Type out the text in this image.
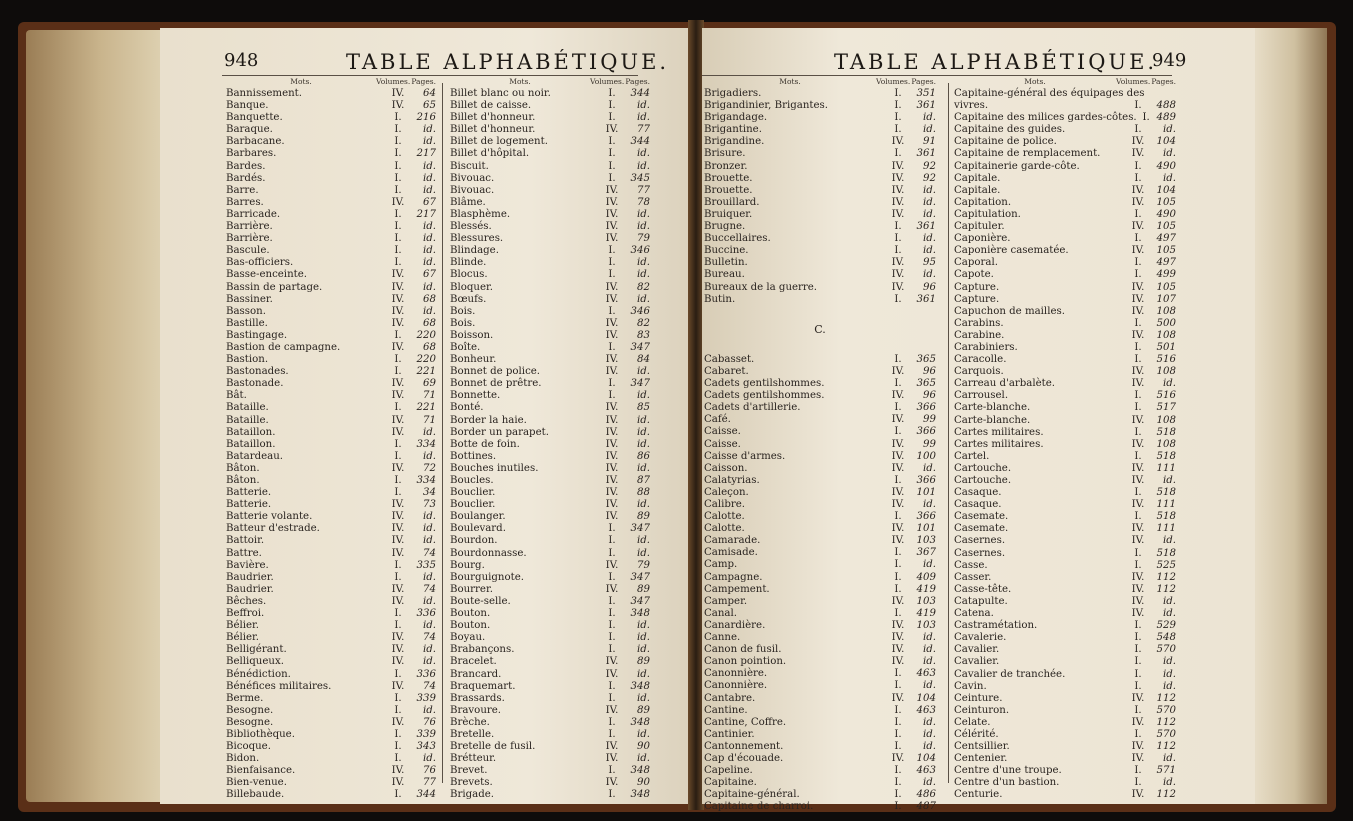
948	TABLE ALPHABÉTIQUE.
Mots.	Volumes. Pages.
Bannissement.	IV.	64
Banque.	IV.	65
Banquette.	I.	216
Baraque.	I.	id.
Barbacane.	I.	id.
Barbares.	I.	217
Bardes.	I.	id.
Bardés.	I.	id.
Barre.	I.	id.
Barres.	IV.	67
Barricade.	I.	217
Barrière.	I.	id.
Barrière.	I.	id.
Bascule.	I.	id.
Bas-officiers.	I.	id.
Basse-enceinte.	IV.	67
Bassin de partage.	IV.	id.
Bassiner.	IV.	68
Basson.	IV.	id.
Bastille.	IV.	68
Bastingage.	I.	220
Bastion de campagne.	IV.	68
Bastion.	I.	220
Bastonades.	I.	221
Bastonade.	IV.	69
Bât.	IV.	71
Bataille.	I.	221
Bataille.	IV.	71
Bataillon.	IV.	id.
Bataillon.	I.	334
Batardeau.	I.	id.
Bâton.	IV.	72
Bâton.	I.	334
Batterie.	I.	34
Batterie.	IV.	73
Batterie volante.	IV.	id.
Batteur d'estrade.	IV.	id.
Battoir.	IV.	id.
Battre.	IV.	74
Bavière.	I.	335
Baudrier.	I.	id.
Baudrier.	IV.	74
Bêches.	IV.	id.
Beffroi.	I.	336
Bélier.	I.	id.
Bélier.	IV.	74
Belligérant.	IV.	id.
Belliqueux.	IV.	id.
Bénédiction.	I.	336
Bénéfices militaires.	IV.	74
Berme.	I.	339
Besogne.	I.	id.
Besogne.	IV.	76
Bibliothèque.	I.	339
Bicoque.	I.	343
Bidon.	I.	id.
Bienfaisance.	IV.	76
Bien-venue.	IV.	77
Billebaude.	I.	344
Mots.	Volumes. Pages.
Billet blanc ou noir.	I.	344
Billet de caisse.	I.	id.
Billet d'honneur.	I.	id.
Billet d'honneur.	IV.	77
Billet de logement.	I.	344
Billet d'hôpital.	I.	id.
Biscuit.	I.	id.
Bivouac.	I.	345
Bivouac.	IV.	77
Blâme.	IV.	78
Blasphème.	IV.	id.
Blessés.	IV.	id.
Blessures.	IV.	79
Blindage.	I.	346
Blinde.	I.	id.
Blocus.	I.	id.
Bloquer.	IV.	82
Bœufs.	IV.	id.
Bois.	I.	346
Bois.	IV.	82
Boisson.	IV.	83
Boîte.	I.	347
Bonheur.	IV.	84
Bonnet de police.	IV.	id.
Bonnet de prêtre.	I.	347
Bonnette.	I.	id.
Bonté.	IV.	85
Border la haie.	IV.	id.
Border un parapet.	IV.	id.
Botte de foin.	IV.	id.
Bottines.	IV.	86
Bouches inutiles.	IV.	id.
Boucles.	IV.	87
Bouclier.	IV.	88
Bouclier.	IV.	id.
Boulanger.	IV.	89
Boulevard.	I.	347
Bourdon.	I.	id.
Bourdonnasse.	I.	id.
Bourg.	IV.	79
Bourguignote.	I.	347
Bourrer.	IV.	89
Boute-selle.	I.	347
Bouton.	I.	348
Bouton.	I.	id.
Boyau.	I.	id.
Brabançons.	I.	id.
Bracelet.	IV.	89
Brancard.	IV.	id.
Braquemart.	I.	348
Brassards.	I.	id.
Bravoure.	IV.	89
Brèche.	I.	348
Bretelle.	I.	id.
Bretelle de fusil.	IV.	90
Brétteur.	IV.	id.
Brevet.	I.	348
Brevets.	IV.	90
Brigade.	I.	348
TABLE ALPHABÉTIQUE.
949
Mots.	Volumes. Pages.
Brigadiers.	I.	351
Brigandinier, Brigantes.	I.	361
Brigandage.	I.	id.
Brigantine.	I.	id.
Brigandine.	IV.	91
Brisure.	I.	361
Bronzer.	IV.	92
Brouette.	IV.	92
Brouette.	IV.	id.
Brouillard.	IV.	id.
Bruiquer.	IV.	id.
Brugne.	I.	361
Buccellaires.	I.	id.
Buccine.	I.	id.
Bulletin.	IV.	95
Bureau.	IV.	id.
Bureaux de la guerre.	IV.	96
Butin.	I.	361
C.
Cabasset.	I.	365
Cabaret.	IV.	96
Cadets gentilshommes.	I.	365
Cadets gentilshommes.	IV.	96
Cadets d'artillerie.	I.	366
Café.	IV.	99
Caisse.	I.	366
Caisse.	IV.	99
Caisse d'armes.	IV.	100
Caisson.	IV.	id.
Calatyrias.	I.	366
Caleçon.	IV.	101
Calibre.	IV.	id.
Calotte.	I.	366
Calotte.	IV.	101
Camarade.	IV.	103
Camisade.	I.	367
Camp.	I.	id.
Campagne.	I.	409
Campement.	I.	419
Camper.	IV.	103
Canal.	I.	419
Canardière.	IV.	103
Canne.	IV.	id.
Canon de fusil.	IV.	id.
Canon pointion.	IV.	id.
Canonnière.	I.	463
Canonnière.	I.	id.
Cantabre.	IV.	104
Cantine.	I.	463
Cantine, Coffre.	I.	id.
Cantinier.	I.	id.
Cantonnement.	I.	id.
Cap d'écouade.	IV.	104
Capeline.	I.	463
Capitaine.	I.	id.
Capitaine-général.	I.	486
Capitaine de charroi.	I.	487
Mots.	Volumes. Pages.
Capitaine-général des équipages des
vivres.	I.	488
Capitaine des milices gardes-côtes. I. 489
Capitaine des guides.	I.	id.
Capitaine de police.	IV.	104
Capitaine de remplacement.	IV.	id.
Capitainerie garde-côte.	I.	490
Capitale.	I.	id.
Capitale.	IV.	104
Capitation.	IV.	105
Capitulation.	I.	490
Capituler.	IV.	105
Caponière.	I.	497
Caponière casematée.	IV.	105
Caporal.	I.	497
Capote.	I.	499
Capture.	IV.	105
Capture.	IV.	107
Capuchon de mailles.	IV.	108
Carabins.	I.	500
Carabine.	IV.	108
Carabiniers.	I.	501
Caracolle.	I.	516
Carquois.	IV.	108
Carreau d'arbalète.	IV.	id.
Carrousel.	I.	516
Carte-blanche.	I.	517
Carte-blanche.	IV.	108
Cartes militaires.	I.	518
Cartes militaires.	IV.	108
Cartel.	I.	518
Cartouche.	IV.	111
Cartouche.	IV.	id.
Casaque.	I.	518
Casaque.	IV.	111
Casemate.	I.	518
Casemate.	IV.	111
Casernes.	IV.	id.
Casernes.	I.	518
Casse.	I.	525
Casser.	IV.	112
Casse-tête.	IV.	112
Catapulte.	IV.	id.
Catena.	IV.	id.
Castramétation.	I.	529
Cavalerie.	I.	548
Cavalier.	I.	570
Cavalier.	I.	id.
Cavalier de tranchée.	I.	id.
Cavin.	I.	id.
Ceinture.	IV.	112
Ceinturon.	I.	570
Celate.	IV.	112
Célérité.	I.	570
Centsillier.	IV.	112
Centenier.	IV.	id.
Centre d'une troupe.	I.	571
Centre d'un bastion.	I.	id.
Centurie.	IV.	112
